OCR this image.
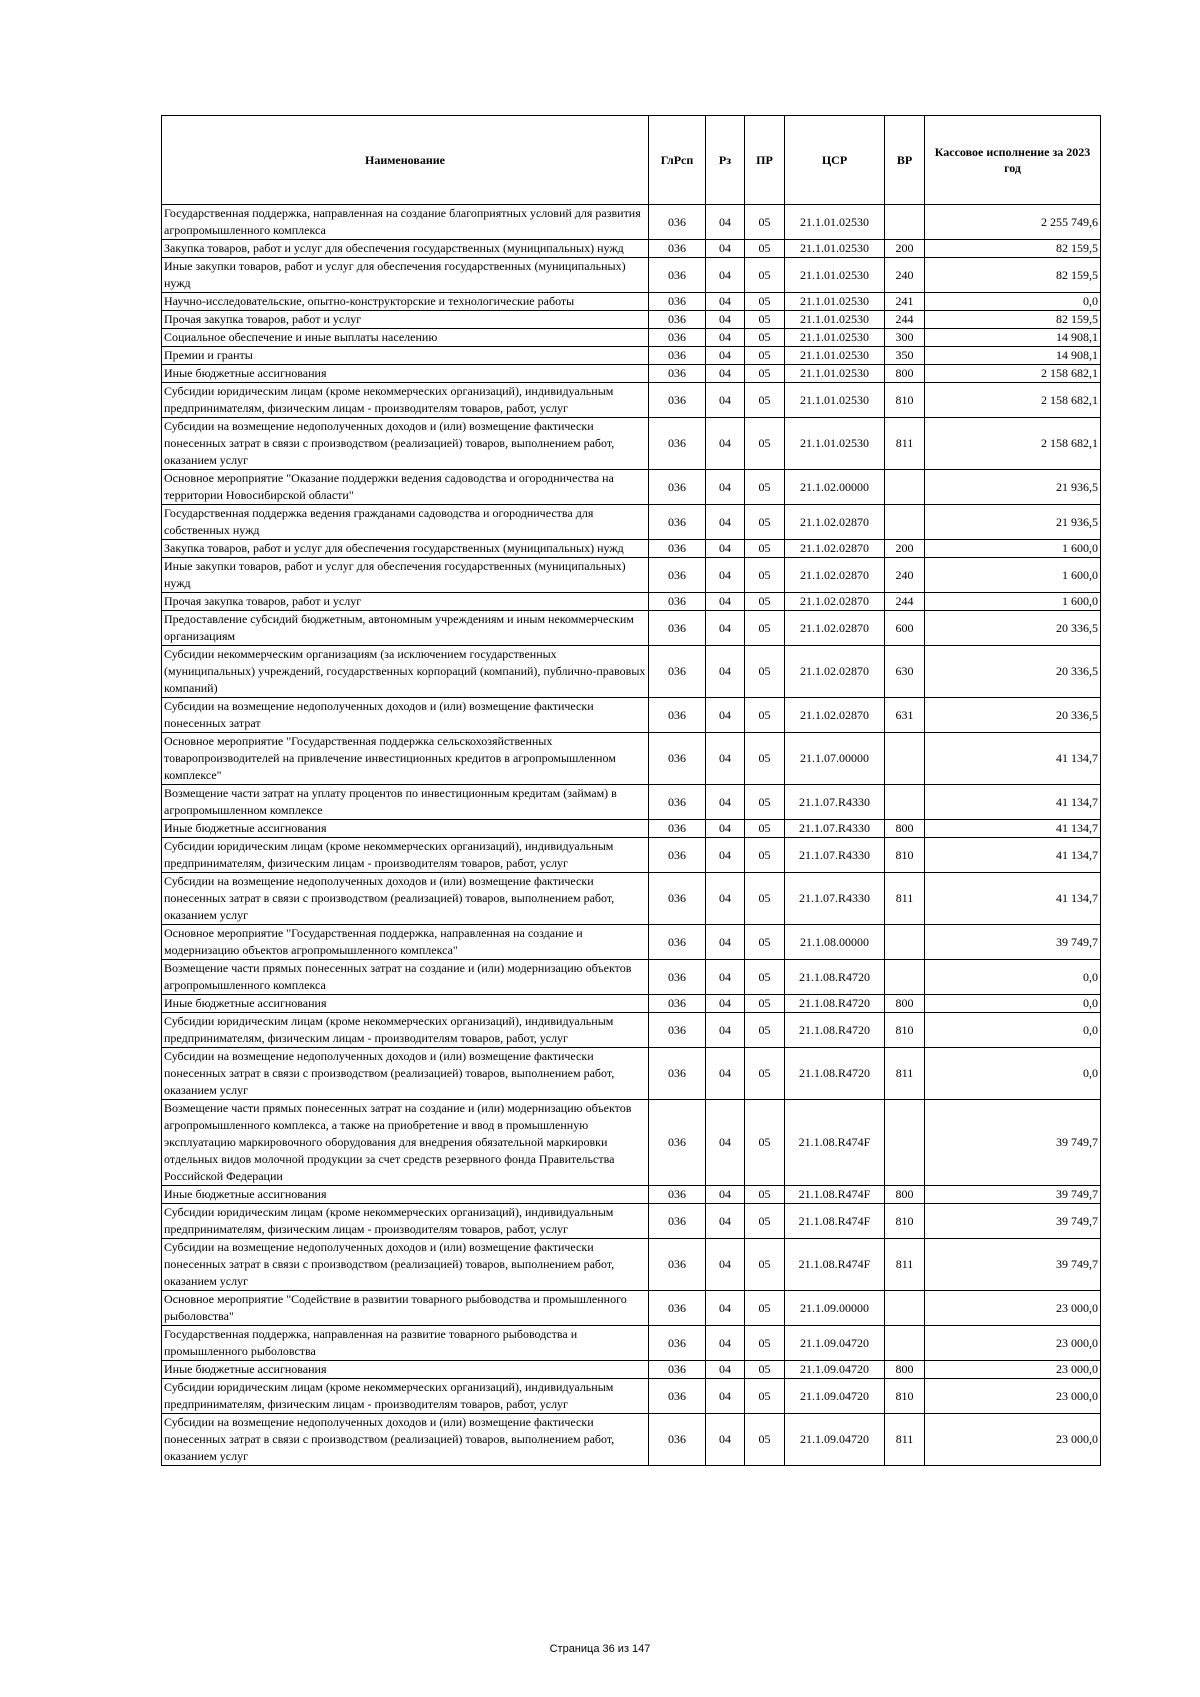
Наименование	ГлРсп	Рз	ПР	ЦСР	ВР	Кассовое исполнение за 2023 год
Государственная поддержка, направленная на создание благоприятных условий для развития агропромышленного комплекса	036	04	05	21.1.01.02530		2 255 749,6
Закупка товаров, работ и услуг для обеспечения государственных (муниципальных) нужд	036	04	05	21.1.01.02530	200	82 159,5
Иные закупки товаров, работ и услуг для обеспечения государственных (муниципальных) нужд	036	04	05	21.1.01.02530	240	82 159,5
Научно-исследовательские, опытно-конструкторские и технологические работы	036	04	05	21.1.01.02530	241	0,0
Прочая закупка товаров, работ и услуг	036	04	05	21.1.01.02530	244	82 159,5
Социальное обеспечение и иные выплаты населению	036	04	05	21.1.01.02530	300	14 908,1
Премии и гранты	036	04	05	21.1.01.02530	350	14 908,1
Иные бюджетные ассигнования	036	04	05	21.1.01.02530	800	2 158 682,1
Субсидии юридическим лицам (кроме некоммерческих организаций), индивидуальным предпринимателям, физическим лицам - производителям товаров, работ, услуг	036	04	05	21.1.01.02530	810	2 158 682,1
Субсидии на возмещение недополученных доходов и (или) возмещение фактически понесенных затрат в связи с производством (реализацией) товаров, выполнением работ, оказанием услуг	036	04	05	21.1.01.02530	811	2 158 682,1
Основное мероприятие "Оказание поддержки ведения садоводства и огородничества на территории Новосибирской области"	036	04	05	21.1.02.00000		21 936,5
Государственная поддержка ведения гражданами садоводства и огородничества для собственных нужд	036	04	05	21.1.02.02870		21 936,5
Закупка товаров, работ и услуг для обеспечения государственных (муниципальных) нужд	036	04	05	21.1.02.02870	200	1 600,0
Иные закупки товаров, работ и услуг для обеспечения государственных (муниципальных) нужд	036	04	05	21.1.02.02870	240	1 600,0
Прочая закупка товаров, работ и услуг	036	04	05	21.1.02.02870	244	1 600,0
Предоставление субсидий бюджетным, автономным учреждениям и иным некоммерческим организациям	036	04	05	21.1.02.02870	600	20 336,5
Субсидии некоммерческим организациям (за исключением государственных (муниципальных) учреждений, государственных корпораций (компаний), публично-правовых компаний)	036	04	05	21.1.02.02870	630	20 336,5
Субсидии на возмещение недополученных доходов и (или) возмещение фактически понесенных затрат	036	04	05	21.1.02.02870	631	20 336,5
Основное мероприятие "Государственная поддержка сельскохозяйственных товаропроизводителей на привлечение инвестиционных кредитов в агропромышленном комплексе"	036	04	05	21.1.07.00000		41 134,7
Возмещение части затрат на уплату процентов по инвестиционным кредитам (займам) в агропромышленном комплексе	036	04	05	21.1.07.R4330		41 134,7
Иные бюджетные ассигнования	036	04	05	21.1.07.R4330	800	41 134,7
Субсидии юридическим лицам (кроме некоммерческих организаций), индивидуальным предпринимателям, физическим лицам - производителям товаров, работ, услуг	036	04	05	21.1.07.R4330	810	41 134,7
Субсидии на возмещение недополученных доходов и (или) возмещение фактически понесенных затрат в связи с производством (реализацией) товаров, выполнением работ, оказанием услуг	036	04	05	21.1.07.R4330	811	41 134,7
Основное мероприятие "Государственная поддержка, направленная на создание и модернизацию объектов агропромышленного комплекса"	036	04	05	21.1.08.00000		39 749,7
Возмещение части прямых понесенных затрат на создание и (или) модернизацию объектов агропромышленного комплекса	036	04	05	21.1.08.R4720		0,0
Иные бюджетные ассигнования	036	04	05	21.1.08.R4720	800	0,0
Субсидии юридическим лицам (кроме некоммерческих организаций), индивидуальным предпринимателям, физическим лицам - производителям товаров, работ, услуг	036	04	05	21.1.08.R4720	810	0,0
Субсидии на возмещение недополученных доходов и (или) возмещение фактически понесенных затрат в связи с производством (реализацией) товаров, выполнением работ, оказанием услуг	036	04	05	21.1.08.R4720	811	0,0
Возмещение части прямых понесенных затрат на создание и (или) модернизацию объектов агропромышленного комплекса, а также на приобретение и ввод в промышленную эксплуатацию маркировочного оборудования для внедрения обязательной маркировки отдельных видов молочной продукции за счет средств резервного фонда Правительства Российской Федерации	036	04	05	21.1.08.R474F		39 749,7
Иные бюджетные ассигнования	036	04	05	21.1.08.R474F	800	39 749,7
Субсидии юридическим лицам (кроме некоммерческих организаций), индивидуальным предпринимателям, физическим лицам - производителям товаров, работ, услуг	036	04	05	21.1.08.R474F	810	39 749,7
Субсидии на возмещение недополученных доходов и (или) возмещение фактически понесенных затрат в связи с производством (реализацией) товаров, выполнением работ, оказанием услуг	036	04	05	21.1.08.R474F	811	39 749,7
Основное мероприятие "Содействие в развитии товарного рыбоводства и промышленного рыболовства"	036	04	05	21.1.09.00000		23 000,0
Государственная поддержка, направленная на развитие товарного рыбоводства и промышленного рыболовства	036	04	05	21.1.09.04720		23 000,0
Иные бюджетные ассигнования	036	04	05	21.1.09.04720	800	23 000,0
Субсидии юридическим лицам (кроме некоммерческих организаций), индивидуальным предпринимателям, физическим лицам - производителям товаров, работ, услуг	036	04	05	21.1.09.04720	810	23 000,0
Субсидии на возмещение недополученных доходов и (или) возмещение фактически понесенных затрат в связи с производством (реализацией) товаров, выполнением работ, оказанием услуг	036	04	05	21.1.09.04720	811	23 000,0
Страница 36 из 147
